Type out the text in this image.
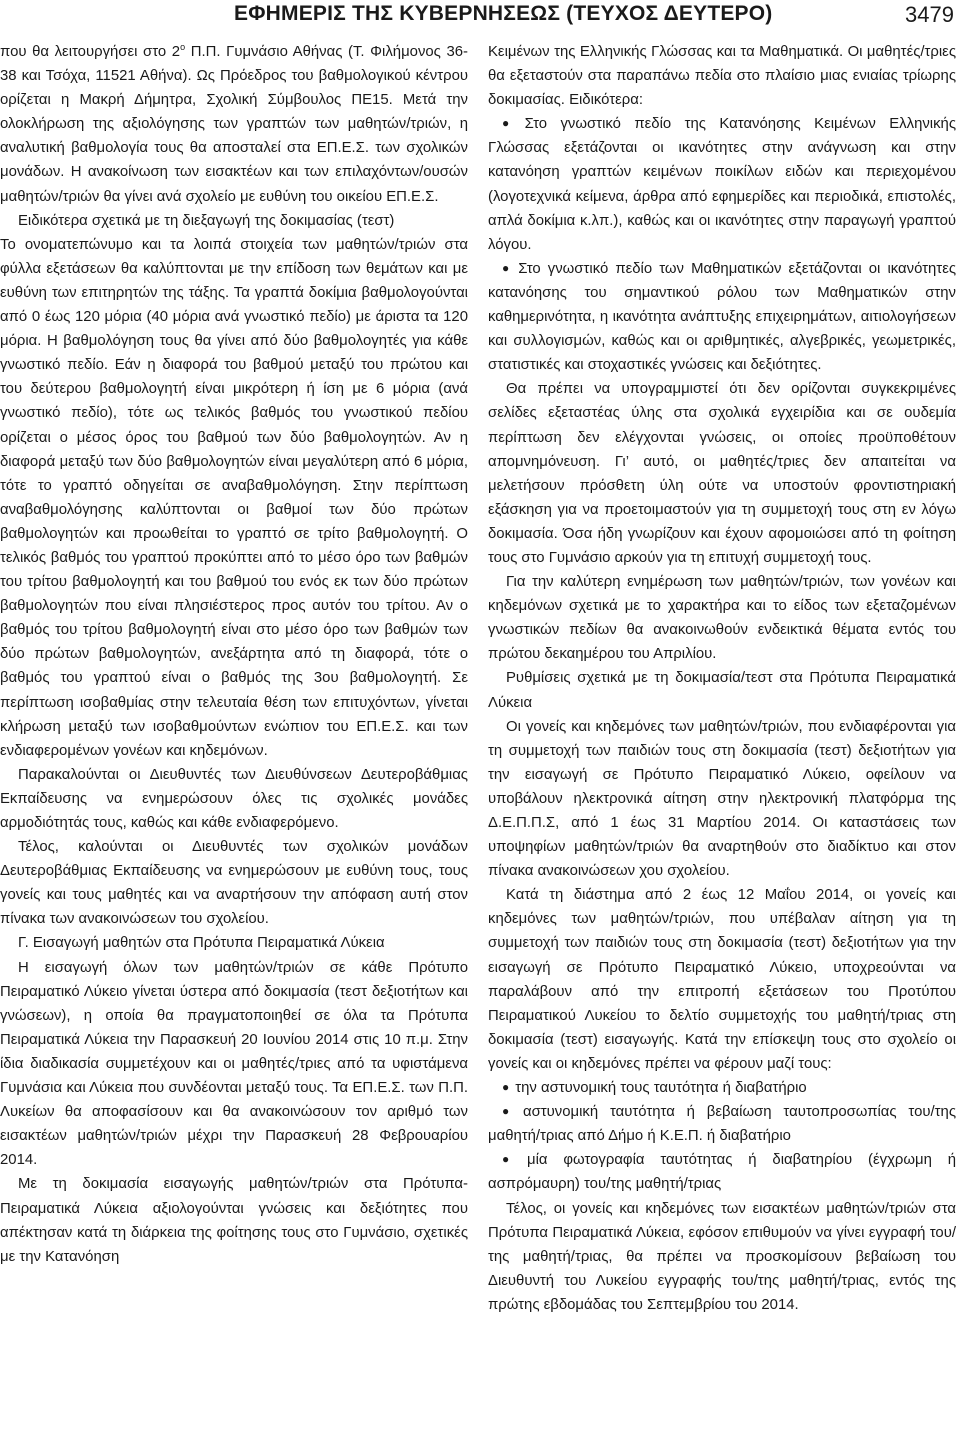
ΕΦΗΜΕΡΙΣ ΤΗΣ ΚΥΒΕΡΝΗΣΕΩΣ (ΤΕΥΧΟΣ ΔΕΥΤΕΡΟ)	3479

που θα λειτουργήσει στο $2^o$ Π.Π. Γυμνάσιο Αθήνας (Τ. Φιλήμονος 36-38 και Τσόχα, 11521 Αθήνα). Ως Πρόεδρος του βαθμολογικού κέντρου ορίζεται η Μακρή Δήμητρα, Σχολική Σύμβουλος ΠΕ15. Μετά την ολοκλήρωση της αξιολόγησης των γραπτών των μαθητών/τριών, η αναλυτική βαθμολογία τους θα αποσταλεί στα ΕΠ.Ε.Σ. των σχολικών μονάδων. Η ανακοίνωση των εισακτέων και των επιλαχόντων/ουσών μαθητών/τριών θα γίνει ανά σχολείο με ευθύνη του οικείου ΕΠ.Ε.Σ.

Ειδικότερα σχετικά με τη διεξαγωγή της δοκιμασίας (τεστ)

Το ονοματεπώνυμο και τα λοιπά στοιχεία των μαθητών/τριών στα φύλλα εξετάσεων θα καλύπτονται με την επίδοση των θεμάτων και με ευθύνη των επιτηρητών της τάξης. Τα γραπτά δοκίμια βαθμολογούνται από 0 έως 120 μόρια (40 μόρια ανά γνωστικό πεδίο) με άριστα τα 120 μόρια. Η βαθμολόγηση τους θα γίνει από δύο βαθμολογητές για κάθε γνωστικό πεδίο. Εάν η διαφορά του βαθμού μεταξύ του πρώτου και του δεύτερου βαθμολογητή είναι μικρότερη ή ίση με 6 μόρια (ανά γνωστικό πεδίο), τότε ως τελικός βαθμός του γνωστικού πεδίου ορίζεται ο μέσος όρος του βαθμού των δύο βαθμολογητών. Αν η διαφορά μεταξύ των δύο βαθμολογητών είναι μεγαλύτερη από 6 μόρια, τότε το γραπτό οδηγείται σε αναβαθμολόγηση. Στην περίπτωση αναβαθμολόγησης καλύπτονται οι βαθμοί των δύο πρώτων βαθμολογητών και προωθείται το γραπτό σε τρίτο βαθμολογητή. Ο τελικός βαθμός του γραπτού προκύπτει από το μέσο όρο των βαθμών του τρίτου βαθμολογητή και του βαθμού του ενός εκ των δύο πρώτων βαθμολογητών που είναι πλησιέστερος προς αυτόν του τρίτου. Αν ο βαθμός του τρίτου βαθμολογητή είναι στο μέσο όρο των βαθμών των δύο πρώτων βαθμολογητών, ανεξάρτητα από τη διαφορά, τότε ο βαθμός του γραπτού είναι ο βαθμός της 3ου βαθμολογητή. Σε περίπτωση ισοβαθμίας στην τελευταία θέση των επιτυχόντων, γίνεται κλήρωση μεταξύ των ισοβαθμούντων ενώπιον του ΕΠ.Ε.Σ. και των ενδιαφερομένων γονέων και κηδεμόνων.

Παρακαλούνται οι Διευθυντές των Διευθύνσεων Δευτεροβάθμιας Εκπαίδευσης να ενημερώσουν όλες τις σχολικές μονάδες αρμοδιότητάς τους, καθώς και κάθε ενδιαφερόμενο.

Τέλος, καλούνται οι Διευθυντές των σχολικών μονάδων Δευτεροβάθμιας Εκπαίδευσης να ενημερώσουν με ευθύνη τους, τους γονείς και τους μαθητές και να αναρτήσουν την απόφαση αυτή στον πίνακα των ανακοινώσεων του σχολείου.

Γ. Εισαγωγή μαθητών στα Πρότυπα Πειραματικά Λύκεια

Η εισαγωγή όλων των μαθητών/τριών σε κάθε Πρότυπο Πειραματικό Λύκειο γίνεται ύστερα από δοκιμασία (τεστ δεξιοτήτων και γνώσεων), η οποία θα πραγματοποιηθεί σε όλα τα Πρότυπα Πειραματικά Λύκεια την Παρασκευή 20 Ιουνίου 2014 στις 10 π.μ. Στην ίδια διαδικασία συμμετέχουν και οι μαθητές/τριες από τα υφιστάμενα Γυμνάσια και Λύκεια που συνδέονται μεταξύ τους. Τα ΕΠ.Ε.Σ. των Π.Π. Λυκείων θα αποφασίσουν και θα ανακοινώσουν τον αριθμό των εισακτέων μαθητών/τριών μέχρι την Παρασκευή 28 Φεβρουαρίου 2014.

Με τη δοκιμασία εισαγωγής μαθητών/τριών στα Πρότυπα-Πειραματικά Λύκεια αξιολογούνται γνώσεις και δεξιότητες που απέκτησαν κατά τη διάρκεια της φοίτησης τους στο Γυμνάσιο, σχετικές με την Κατανόηση

Κειμένων της Ελληνικής Γλώσσας και τα Μαθηματικά. Οι μαθητές/τριες θα εξεταστούν στα παραπάνω πεδία στο πλαίσιο μιας ενιαίας τρίωρης δοκιμασίας. Ειδικότερα:

● Στο γνωστικό πεδίο της Κατανόησης Κειμένων Ελληνικής Γλώσσας εξετάζονται οι ικανότητες στην ανάγνωση και στην κατανόηση γραπτών κειμένων ποικίλων ειδών και περιεχομένου (λογοτεχνικά κείμενα, άρθρα από εφημερίδες και περιοδικά, επιστολές, απλά δοκίμια κ.λπ.), καθώς και οι ικανότητες στην παραγωγή γραπτού λόγου.

● Στο γνωστικό πεδίο των Μαθηματικών εξετάζονται οι ικανότητες κατανόησης του σημαντικού ρόλου των Μαθηματικών στην καθημερινότητα, η ικανότητα ανάπτυξης επιχειρημάτων, αιτιολογήσεων και συλλογισμών, καθώς και οι αριθμητικές, αλγεβρικές, γεωμετρικές, στατιστικές και στοχαστικές γνώσεις και δεξιότητες.

Θα πρέπει να υπογραμμιστεί ότι δεν ορίζονται συγκεκριμένες σελίδες εξεταστέας ύλης στα σχολικά εγχειρίδια και σε ουδεμία περίπτωση δεν ελέγχονται γνώσεις, οι οποίες προϋποθέτουν απομνημόνευση. Γι’ αυτό, οι μαθητές/τριες δεν απαιτείται να μελετήσουν πρόσθετη ύλη ούτε να υποστούν φροντιστηριακή εξάσκηση για να προετοιμαστούν για τη συμμετοχή τους στη εν λόγω δοκιμασία. Όσα ήδη γνωρίζουν και έχουν αφομοιώσει από τη φοίτηση τους στο Γυμνάσιο αρκούν για τη επιτυχή συμμετοχή τους.

Για την καλύτερη ενημέρωση των μαθητών/τριών, των γονέων και κηδεμόνων σχετικά με το χαρακτήρα και το είδος των εξεταζομένων γνωστικών πεδίων θα ανακοινωθούν ενδεικτικά θέματα εντός του πρώτου δεκαημέρου του Απριλίου.

Ρυθμίσεις σχετικά με τη δοκιμασία/τεστ στα Πρότυπα Πειραματικά Λύκεια

Οι γονείς και κηδεμόνες των μαθητών/τριών, που ενδιαφέρονται για τη συμμετοχή των παιδιών τους στη δοκιμασία (τεστ) δεξιοτήτων για την εισαγωγή σε Πρότυπο Πειραματικό Λύκειο, οφείλουν να υποβάλουν ηλεκτρονικά αίτηση στην ηλεκτρονική πλατφόρμα της Δ.Ε.Π.Π.Σ, από 1 έως 31 Μαρτίου 2014. Οι καταστάσεις των υποψηφίων μαθητών/τριών θα αναρτηθούν στο διαδίκτυο και στον πίνακα ανακοινώσεων χου σχολείου.

Κατά τη διάστημα από 2 έως 12 Μαΐου 2014, οι γονείς και κηδεμόνες των μαθητών/τριών, που υπέβαλαν αίτηση για τη συμμετοχή των παιδιών τους στη δοκιμασία (τεστ) δεξιοτήτων για την εισαγωγή σε Πρότυπο Πειραματικό Λύκειο, υποχρεούνται να παραλάβουν από την επιτροπή εξετάσεων του Προτύπου Πειραματικού Λυκείου το δελτίο συμμετοχής του μαθητή/τριας στη δοκιμασία (τεστ) εισαγωγής. Κατά την επίσκεψη τους στο σχολείο οι γονείς και οι κηδεμόνες πρέπει να φέρουν μαζί τους:

● την αστυνομική τους ταυτότητα ή διαβατήριο

● αστυνομική ταυτότητα ή βεβαίωση ταυτοπροσωπίας του/της μαθητή/τριας από Δήμο ή Κ.Ε.Π. ή διαβατήριο

● μία φωτογραφία ταυτότητας ή διαβατηρίου (έγχρωμη ή ασπρόμαυρη) του/της μαθητή/τριας

Τέλος, οι γονείς και κηδεμόνες των εισακτέων μαθητών/τριών στα Πρότυπα Πειραματικά Λύκεια, εφόσον επιθυμούν να γίνει εγγραφή του/της μαθητή/τριας, θα πρέπει να προσκομίσουν βεβαίωση του Διευθυντή του Λυκείου εγγραφής του/της μαθητή/τριας, εντός της πρώτης εβδομάδας του Σεπτεμβρίου του 2014.
